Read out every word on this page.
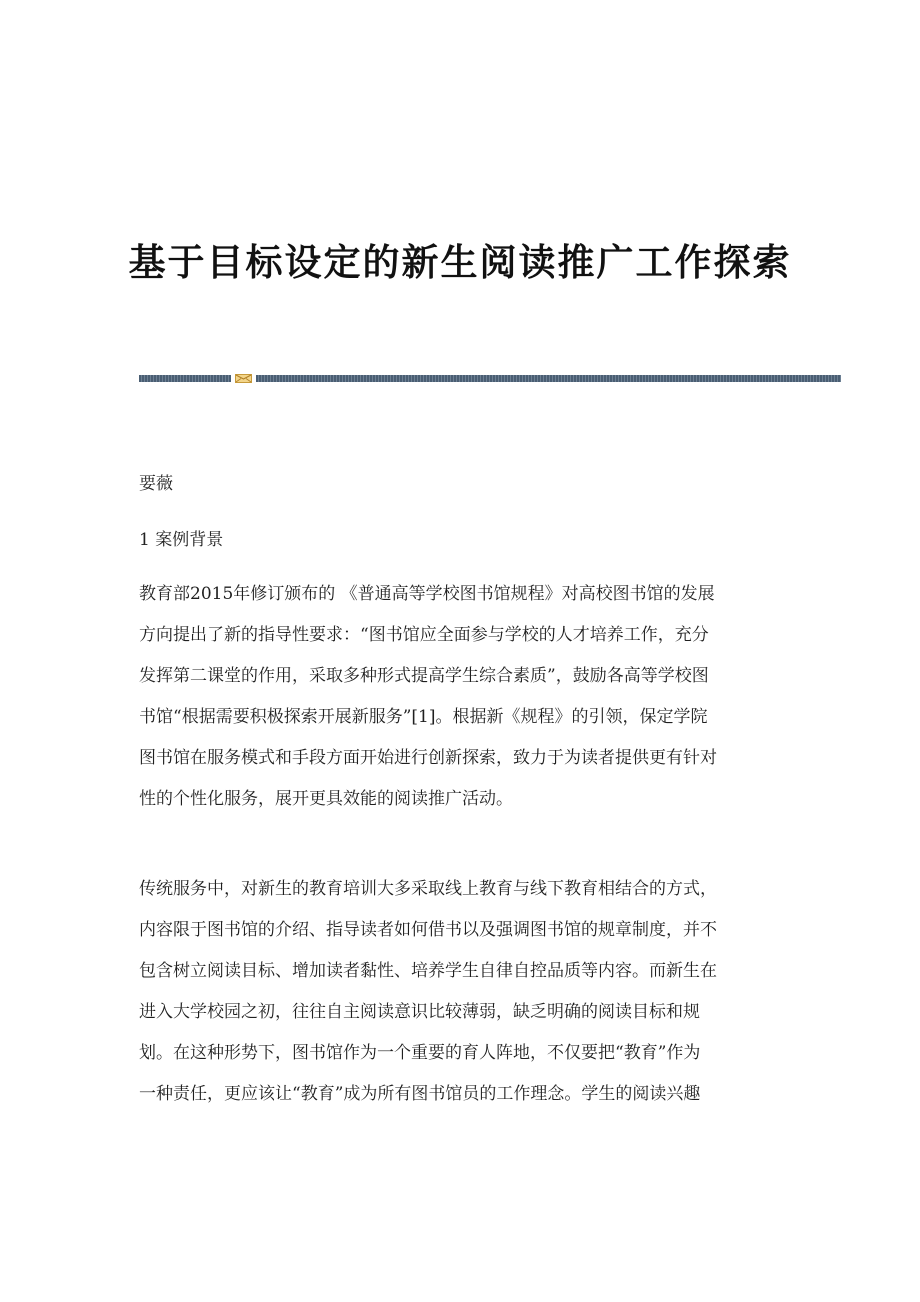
基于目标设定的新生阅读推广工作探索
要薇
1 案例背景

教育部2015年修订颁布的 《普通高等学校图书馆规程》对高校图书馆的发展
方向提出了新的指导性要求：“图书馆应全面参与学校的人才培养工作，充分
发挥第二课堂的作用，采取多种形式提高学生综合素质”，鼓励各高等学校图
书馆“根据需要积极探索开展新服务”[1]。根据新《规程》的引领，保定学院
图书馆在服务模式和手段方面开始进行创新探索，致力于为读者提供更有针对
性的个性化服务，展开更具效能的阅读推广活动。

传统服务中，对新生的教育培训大多采取线上教育与线下教育相结合的方式，
内容限于图书馆的介绍、指导读者如何借书以及强调图书馆的规章制度，并不
包含树立阅读目标、增加读者黏性、培养学生自律自控品质等内容。而新生在
进入大学校园之初，往往自主阅读意识比较薄弱，缺乏明确的阅读目标和规
划。在这种形势下，图书馆作为一个重要的育人阵地，不仅要把“教育”作为
一种责任，更应该让“教育”成为所有图书馆员的工作理念。学生的阅读兴趣
